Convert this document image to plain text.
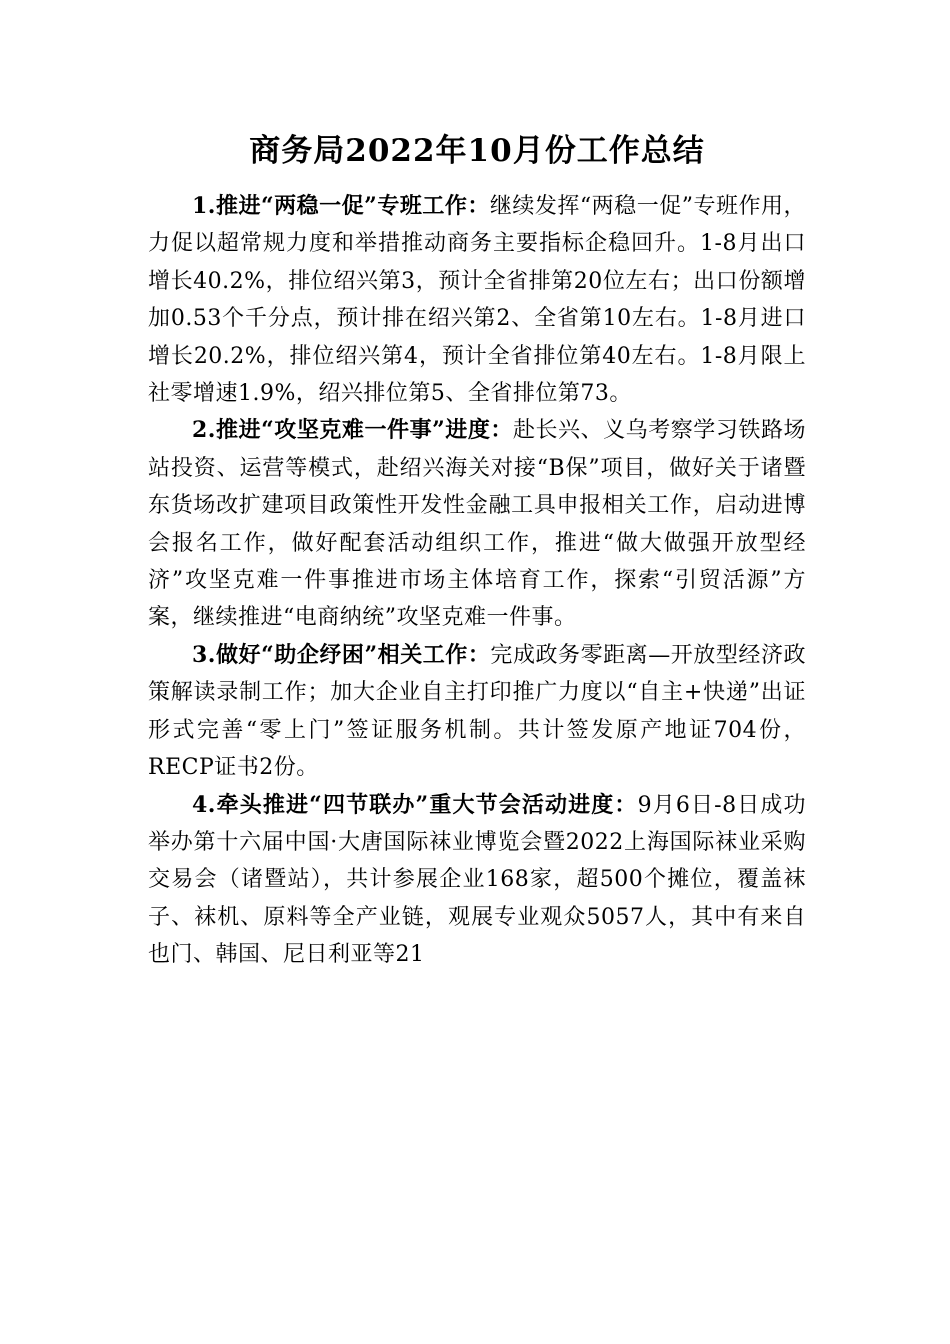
商务局2022年10月份工作总结

1.推进“两稳一促”专班工作：继续发挥“两稳一促”专班作用，力促以超常规力度和举措推动商务主要指标企稳回升。1-8月出口增长40.2%，排位绍兴第3，预计全省排第20位左右；出口份额增加0.53个千分点，预计排在绍兴第2、全省第10左右。1-8月进口增长20.2%，排位绍兴第4，预计全省排位第40左右。1-8月限上社零增速1.9%，绍兴排位第5、全省排位第73。

2.推进“攻坚克难一件事”进度：赴长兴、义乌考察学习铁路场站投资、运营等模式，赴绍兴海关对接“B保”项目，做好关于诸暨东货场改扩建项目政策性开发性金融工具申报相关工作，启动进博会报名工作，做好配套活动组织工作，推进“做大做强开放型经济”攻坚克难一件事推进市场主体培育工作，探索“引贸活源”方案，继续推进“电商纳统”攻坚克难一件事。

3.做好“助企纾困”相关工作：完成政务零距离—开放型经济政策解读录制工作；加大企业自主打印推广力度以“自主+快递”出证形式完善“零上门”签证服务机制。共计签发原产地证704份，RECP证书2份。

4.牵头推进“四节联办”重大节会活动进度：9月6日-8日成功举办第十六届中国·大唐国际袜业博览会暨2022上海国际袜业采购交易会（诸暨站），共计参展企业168家，超500个摊位，覆盖袜子、袜机、原料等全产业链，观展专业观众5057人，其中有来自也门、韩国、尼日利亚等21
